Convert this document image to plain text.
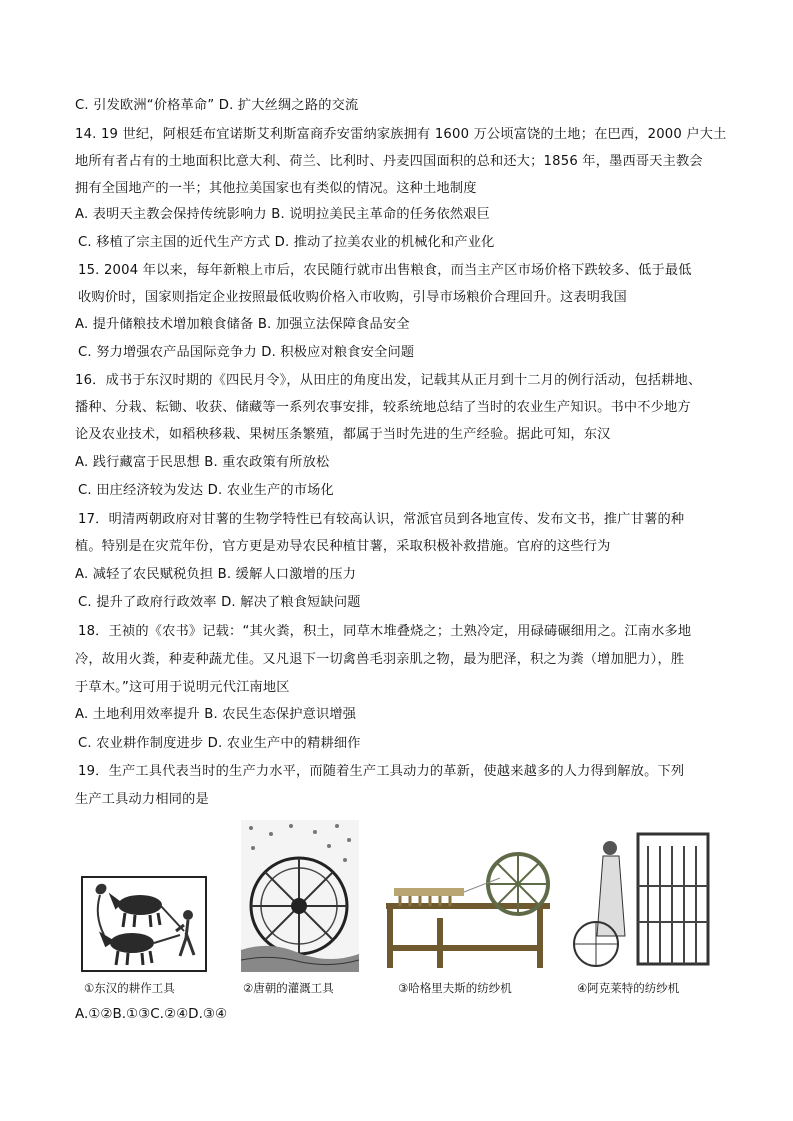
C. 引发欧洲“价格革命” D. 扩大丝绸之路的交流
14. 19 世纪，阿根廷布宜诺斯艾利斯富商乔安雷纳家族拥有 1600 万公顷富饶的土地；在巴西，2000 户大土
地所有者占有的土地面积比意大利、荷兰、比利时、丹麦四国面积的总和还大；1856 年，墨西哥天主教会
拥有全国地产的一半；其他拉美国家也有类似的情况。这种土地制度
A. 表明天主教会保持传统影响力 B. 说明拉美民主革命的任务依然艰巨
C. 移植了宗主国的近代生产方式 D. 推动了拉美农业的机械化和产业化
15. 2004 年以来，每年新粮上市后，农民随行就市出售粮食，而当主产区市场价格下跌较多、低于最低
收购价时，国家则指定企业按照最低收购价格入市收购，引导市场粮价合理回升。这表明我国
A. 提升储粮技术增加粮食储备 B. 加强立法保障食品安全
C. 努力增强农产品国际竞争力 D. 积极应对粮食安全问题
16．成书于东汉时期的《四民月令》，从田庄的角度出发，记载其从正月到十二月的例行活动，包括耕地、
播种、分栽、耘锄、收获、储藏等一系列农事安排，较系统地总结了当时的农业生产知识。书中不少地方
论及农业技术，如稻秧移栽、果树压条繁殖，都属于当时先进的生产经验。据此可知，东汉
A. 践行藏富于民思想 B. 重农政策有所放松
C. 田庄经济较为发达 D. 农业生产的市场化
17．明清两朝政府对甘薯的生物学特性已有较高认识，常派官员到各地宣传、发布文书，推广甘薯的种
植。特别是在灾荒年份，官方更是劝导农民种植甘薯，采取积极补救措施。官府的这些行为
A. 减轻了农民赋税负担 B. 缓解人口激增的压力
C. 提升了政府行政效率 D. 解决了粮食短缺问题
18．王祯的《农书》记载：“其火粪，积土，同草木堆叠烧之；土熟冷定，用碌碡碾细用之。江南水多地
冷，故用火粪，种麦种蔬尤佳。又凡退下一切禽兽毛羽亲肌之物，最为肥泽，积之为粪（增加肥力），胜
于草木。”这可用于说明元代江南地区
A. 土地利用效率提升 B. 农民生态保护意识增强
C. 农业耕作制度进步 D. 农业生产中的精耕细作
19．生产工具代表当时的生产力水平，而随着生产工具动力的革新，使越来越多的人力得到解放。下列
生产工具动力相同的是
①东汉的耕作工具	②唐朝的灌溉工具	③哈格里夫斯的纺纱机	④阿克莱特的纺纱机
A.①②B.①③C.②④D.③④
